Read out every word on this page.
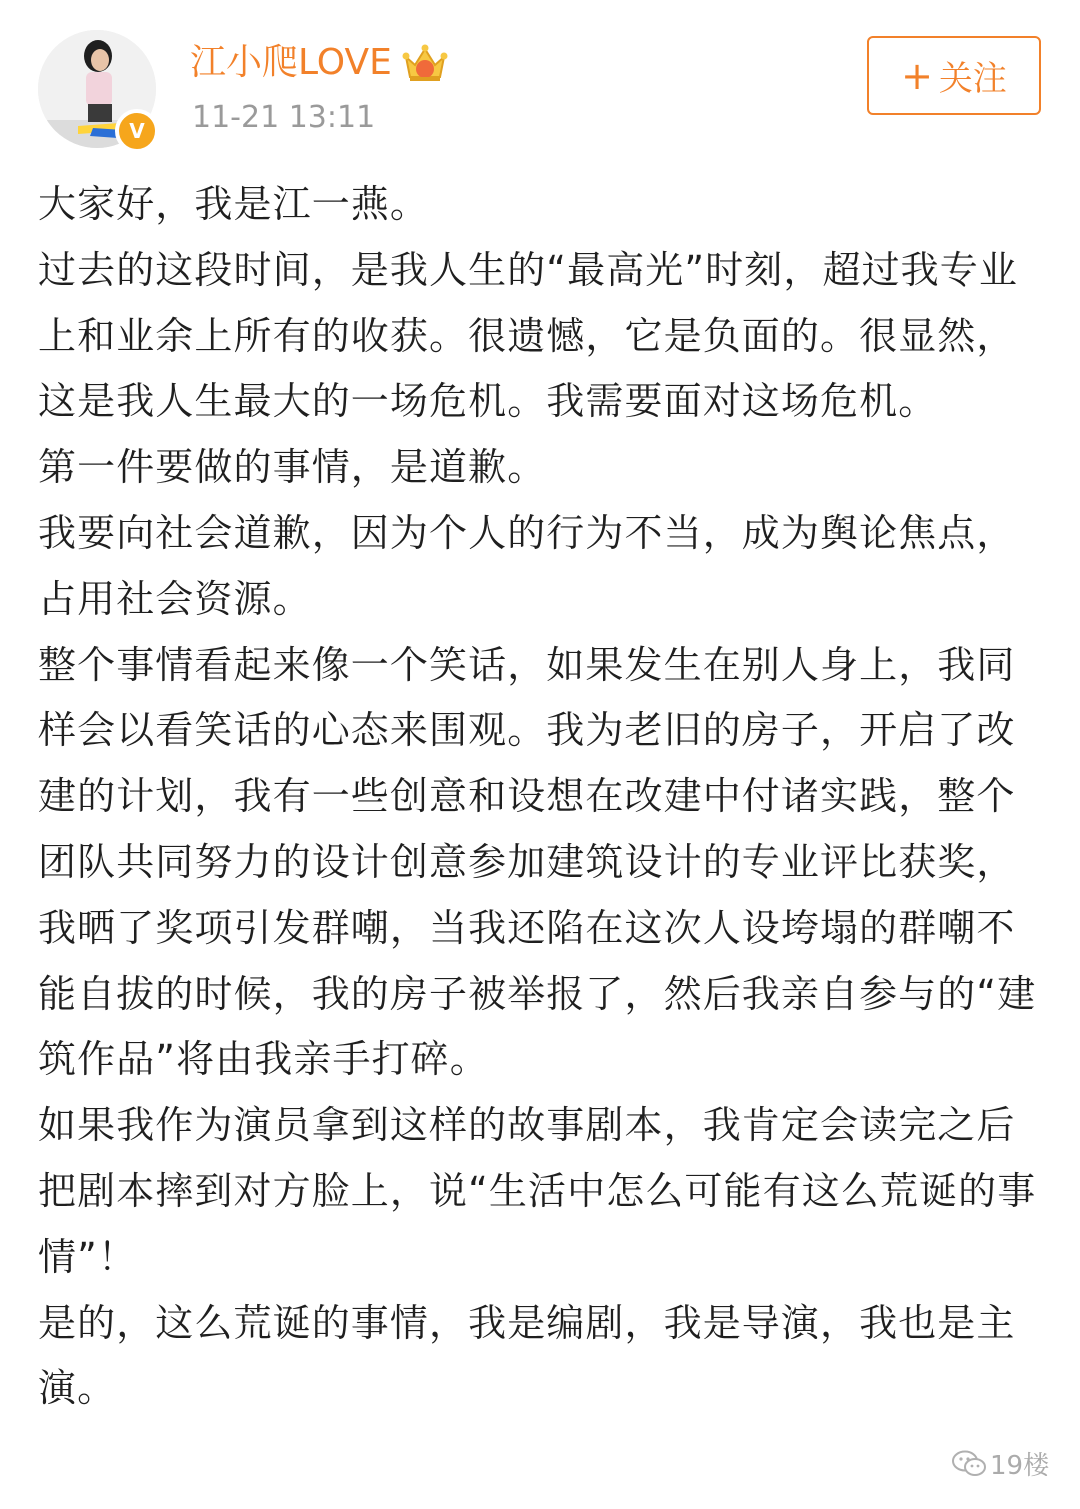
V
江小爬LOVE
11-21 13:11
+ 关注

大家好，我是江一燕。

过去的这段时间，是我人生的“最高光”时刻，超过我专业上和业余上所有的收获。很遗憾，它是负面的。很显然，这是我人生最大的一场危机。我需要面对这场危机。

第一件要做的事情，是道歉。

我要向社会道歉，因为个人的行为不当，成为舆论焦点，占用社会资源。

整个事情看起来像一个笑话，如果发生在别人身上，我同样会以看笑话的心态来围观。我为老旧的房子，开启了改建的计划，我有一些创意和设想在改建中付诸实践，整个团队共同努力的设计创意参加建筑设计的专业评比获奖，我晒了奖项引发群嘲，当我还陷在这次人设垮塌的群嘲不能自拔的时候，我的房子被举报了，然后我亲自参与的“建筑作品”将由我亲手打碎。

如果我作为演员拿到这样的故事剧本，我肯定会读完之后把剧本摔到对方脸上，说“生活中怎么可能有这么荒诞的事情”！

是的，这么荒诞的事情，我是编剧，我是导演，我也是主演。

19楼
